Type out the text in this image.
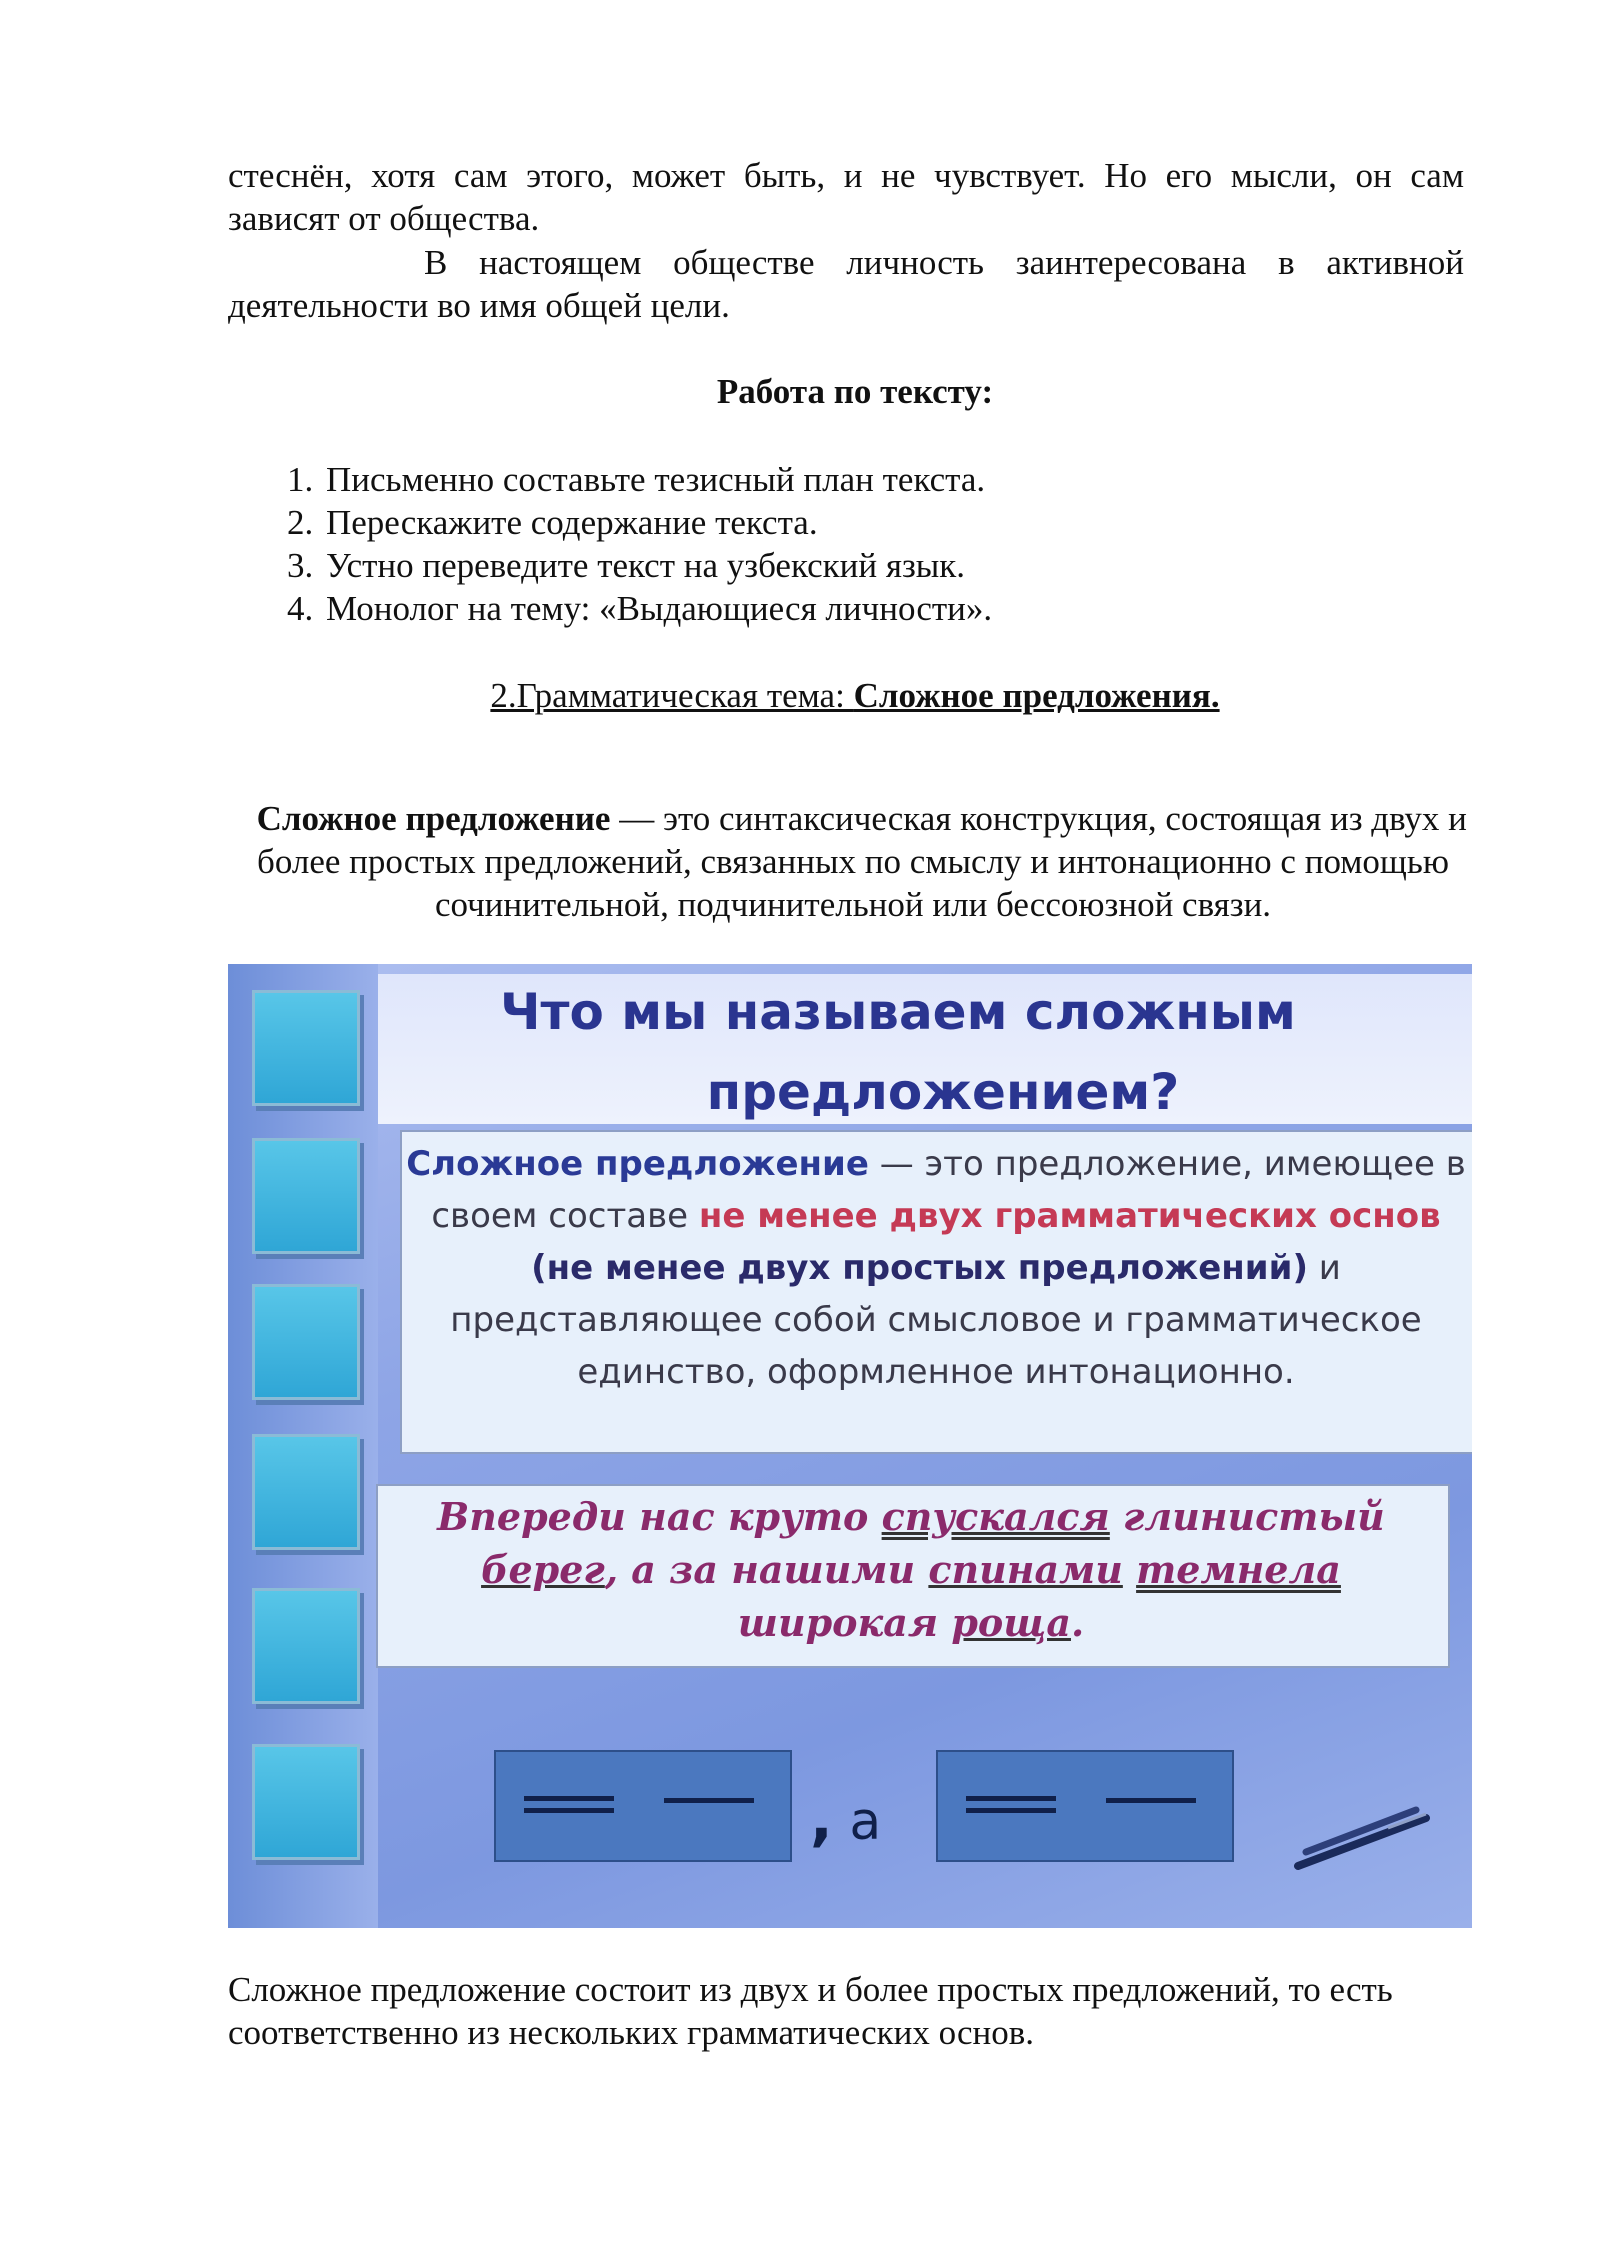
стеснён, хотя сам этого, может быть, и не чувствует. Но его мысли, он сам
зависят от общества.
В настоящем обществе личность заинтересована в активной
деятельности во имя общей цели.
Работа по тексту:
1. Письменно составьте тезисный план текста.
2. Перескажите содержание текста.
3. Устно переведите текст на узбекский язык.
4. Монолог на тему: «Выдающиеся личности».
2.Грамматическая тема: Сложное предложения.
Сложное предложение — это синтаксическая конструкция, состоящая из двух и более простых предложений, связанных по смыслу и интонационно с помощью сочинительной, подчинительной или бессоюзной связи.
Что мы называем сложным
предложением?
Сложное предложение — это предложение, имеющее в своем составе не менее двух грамматических основ (не менее двух простых предложений) и представляющее собой смысловое и грамматическое единство, оформленное интонационно.
Впереди нас круто спускался глинистый берег, а за нашими спинами темнела широкая роща.
, а
Сложное предложение состоит из двух и более простых предложений, то есть соответственно из нескольких грамматических основ.
